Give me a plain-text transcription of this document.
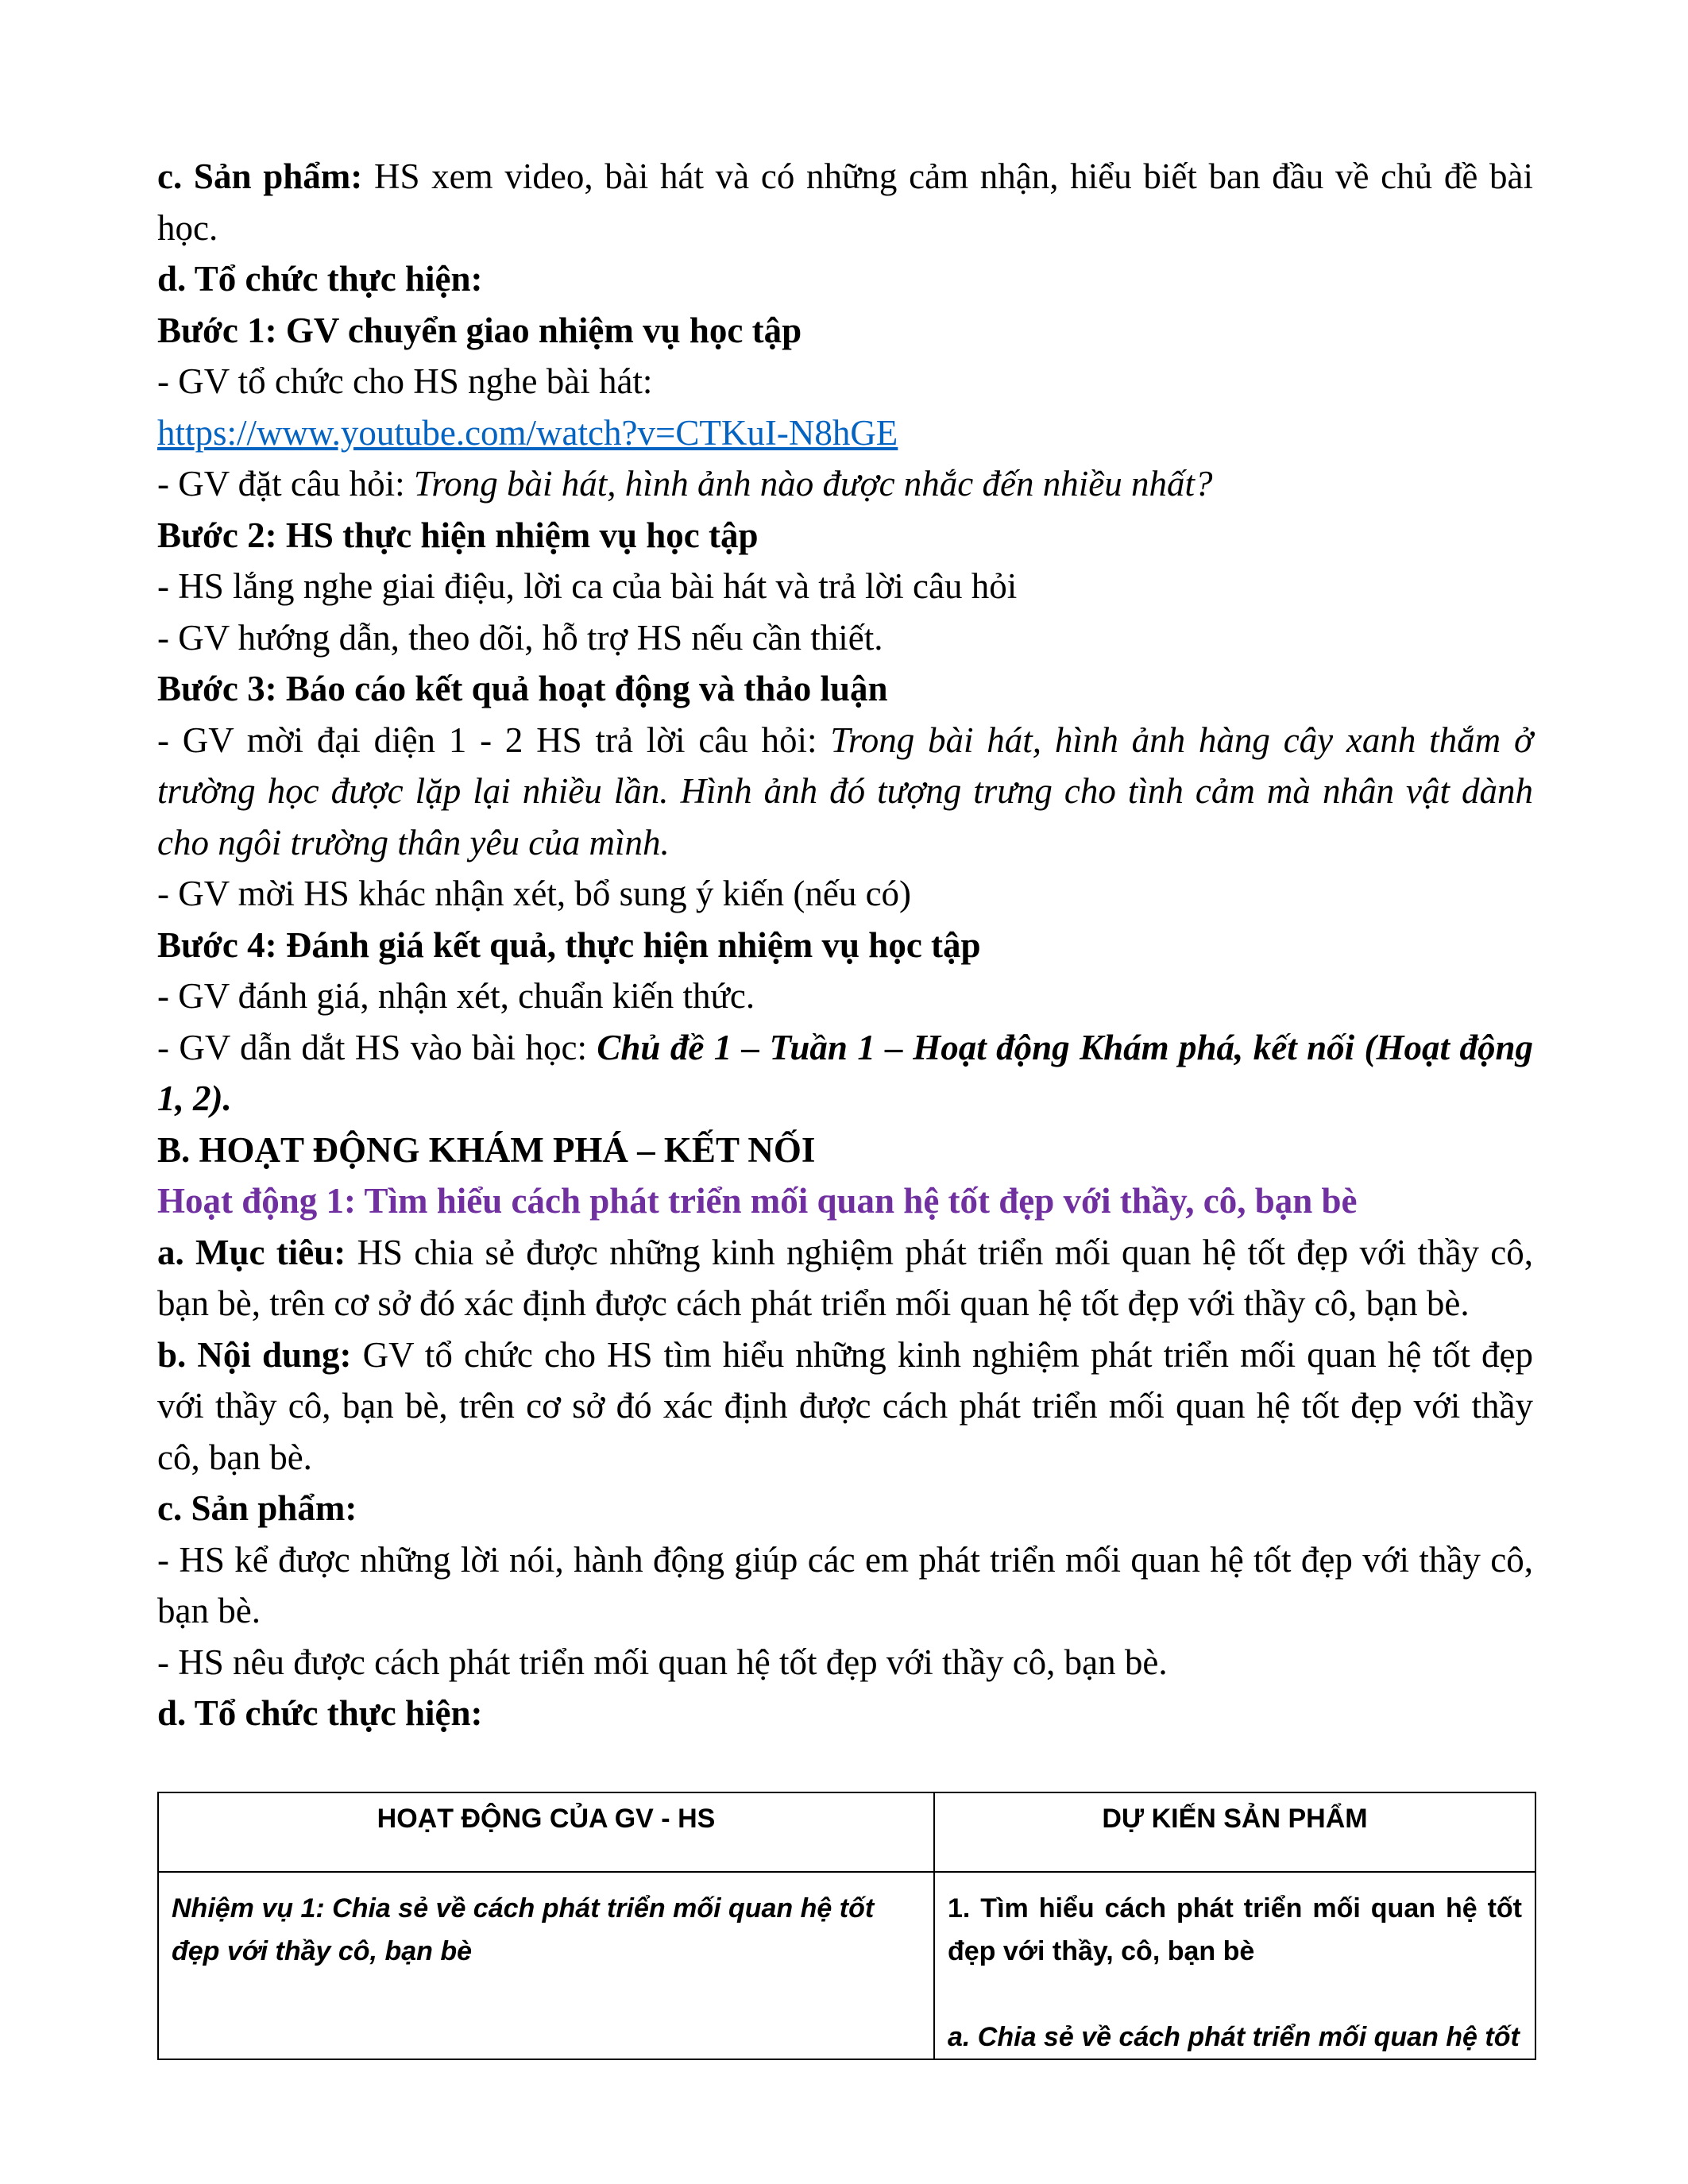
c. Sản phẩm: HS xem video, bài hát và có những cảm nhận, hiểu biết ban đầu về chủ đề bài học.

d. Tổ chức thực hiện:

Bước 1: GV chuyển giao nhiệm vụ học tập

- GV tổ chức cho HS nghe bài hát:

https://www.youtube.com/watch?v=CTKuI-N8hGE

- GV đặt câu hỏi: Trong bài hát, hình ảnh nào được nhắc đến nhiều nhất?

Bước 2: HS thực hiện nhiệm vụ học tập

- HS lắng nghe giai điệu, lời ca của bài hát và trả lời câu hỏi

- GV hướng dẫn, theo dõi, hỗ trợ HS nếu cần thiết.

Bước 3: Báo cáo kết quả hoạt động và thảo luận

- GV mời đại diện 1 - 2 HS trả lời câu hỏi: Trong bài hát, hình ảnh hàng cây xanh thắm ở trường học được lặp lại nhiều lần. Hình ảnh đó tượng trưng cho tình cảm mà nhân vật dành cho ngôi trường thân yêu của mình.

- GV mời HS khác nhận xét, bổ sung ý kiến (nếu có)

Bước 4: Đánh giá kết quả, thực hiện nhiệm vụ học tập

- GV đánh giá, nhận xét, chuẩn kiến thức.

- GV dẫn dắt HS vào bài học: Chủ đề 1 – Tuần 1 – Hoạt động Khám phá, kết nối (Hoạt động 1, 2).

B. HOẠT ĐỘNG KHÁM PHÁ – KẾT NỐI

Hoạt động 1: Tìm hiểu cách phát triển mối quan hệ tốt đẹp với thầy, cô, bạn bè

a. Mục tiêu: HS chia sẻ được những kinh nghiệm phát triển mối quan hệ tốt đẹp với thầy cô, bạn bè, trên cơ sở đó xác định được cách phát triển mối quan hệ tốt đẹp với thầy cô, bạn bè.

b. Nội dung: GV tổ chức cho HS tìm hiểu những kinh nghiệm phát triển mối quan hệ tốt đẹp với thầy cô, bạn bè, trên cơ sở đó xác định được cách phát triển mối quan hệ tốt đẹp với thầy cô, bạn bè.

c. Sản phẩm:

- HS kể được những lời nói, hành động giúp các em phát triển mối quan hệ tốt đẹp với thầy cô, bạn bè.

- HS nêu được cách phát triển mối quan hệ tốt đẹp với thầy cô, bạn bè.

d. Tổ chức thực hiện:

HOẠT ĐỘNG CỦA GV - HS	DỰ KIẾN SẢN PHẨM
Nhiệm vụ 1: Chia sẻ về cách phát triển mối quan hệ tốt đẹp với thầy cô, bạn bè	1. Tìm hiểu cách phát triển mối quan hệ tốt đẹp với thầy, cô, bạn bè
a. Chia sẻ về cách phát triển mối quan hệ tốt
